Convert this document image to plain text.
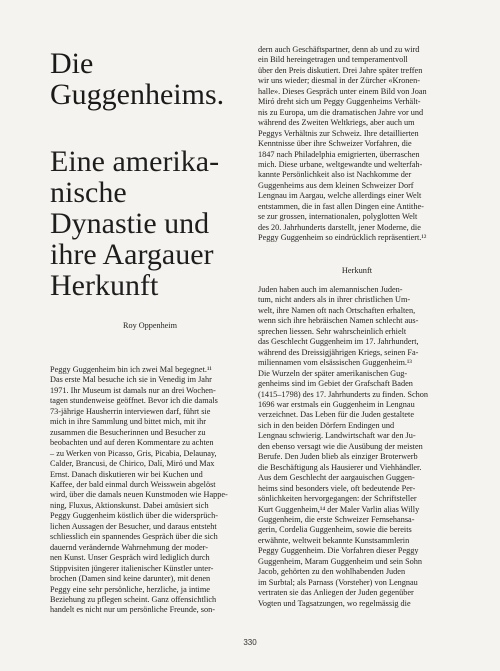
Die
Guggenheims.
Eine amerika-
nische
Dynastie und
ihre Aargauer
Herkunft
Roy Oppenheim
Peggy Guggenheim bin ich zwei Mal begegnet.¹¹
Das erste Mal besuche ich sie in Venedig im Jahr
1971. Ihr Museum ist damals nur an drei Wochen-
tagen stundenweise geöffnet. Bevor ich die damals
73-jährige Hausherrin interviewen darf, führt sie
mich in ihre Sammlung und bittet mich, mit ihr
zusammen die Besucherinnen und Besucher zu
beobachten und auf deren Kommentare zu achten
– zu Werken von Picasso, Gris, Picabia, Delaunay,
Calder, Brancusi, de Chirico, Dalí, Miró und Max
Ernst. Danach diskutieren wir bei Kuchen und
Kaffee, der bald einmal durch Weisswein abgelöst
wird, über die damals neuen Kunstmoden wie Happe-
ning, Fluxus, Aktionskunst. Dabei amüsiert sich
Peggy Guggenheim köstlich über die widersprüch-
lichen Aussagen der Besucher, und daraus entsteht
schliesslich ein spannendes Gespräch über die sich
dauernd verändernde Wahrnehmung der moder-
nen Kunst. Unser Gespräch wird lediglich durch
Stippvisiten jüngerer italienischer Künstler unter-
brochen (Damen sind keine darunter), mit denen
Peggy eine sehr persönliche, herzliche, ja intime
Beziehung zu pflegen scheint. Ganz offensichtlich
handelt es nicht nur um persönliche Freunde, son-
dern auch Geschäftspartner, denn ab und zu wird
ein Bild hereingetragen und temperamentvoll
über den Preis diskutiert. Drei Jahre später treffen
wir uns wieder; diesmal in der Zürcher «Kronen-
halle». Dieses Gespräch unter einem Bild von Joan
Miró dreht sich um Peggy Guggenheims Verhält-
nis zu Europa, um die dramatischen Jahre vor und
während des Zweiten Weltkriegs, aber auch um
Peggys Verhältnis zur Schweiz. Ihre detaillierten
Kenntnisse über ihre Schweizer Vorfahren, die
1847 nach Philadelphia emigrierten, überraschen
mich. Diese urbane, weltgewandte und welterfah-
kannte Persönlichkeit also ist Nachkomme der
Guggenheims aus dem kleinen Schweizer Dorf
Lengnau im Aargau, welche allerdings einer Welt
entstammen, die in fast allen Dingen eine Antithe-
se zur grossen, internationalen, polyglotten Welt
des 20. Jahrhunderts darstellt, jener Moderne, die
Peggy Guggenheim so eindrücklich repräsentiert.¹²
Herkunft
Juden haben auch im alemannischen Juden-
tum, nicht anders als in ihrer christlichen Um-
welt, ihre Namen oft nach Ortschaften erhalten,
wenn sich ihre hebräischen Namen schlecht aus-
sprechen liessen. Sehr wahrscheinlich erhielt
das Geschlecht Guggenheim im 17. Jahrhundert,
während des Dreissigjährigen Kriegs, seinen Fa-
miliennamen vom elsässischen Guggenheim.¹³
Die Wurzeln der später amerikanischen Gug-
genheims sind im Gebiet der Grafschaft Baden
(1415–1798) des 17. Jahrhunderts zu finden. Schon
1696 war erstmals ein Guggenheim in Lengnau
verzeichnet. Das Leben für die Juden gestaltete
sich in den beiden Dörfern Endingen und
Lengnau schwierig. Landwirtschaft war den Ju-
den ebenso versagt wie die Ausübung der meisten
Berufe. Den Juden blieb als einziger Broterwerb
die Beschäftigung als Hausierer und Viehhändler.
Aus dem Geschlecht der aargauischen Guggen-
heims sind besonders viele, oft bedeutende Per-
sönlichkeiten hervorgegangen: der Schriftsteller
Kurt Guggenheim,¹⁴ der Maler Varlin alias Willy
Guggenheim, die erste Schweizer Fernsehansa-
gerin, Cordelia Guggenheim, sowie die bereits
erwähnte, weltweit bekannte Kunstsammlerin
Peggy Guggenheim. Die Vorfahren dieser Peggy
Guggenheim, Maram Guggenheim und sein Sohn
Jacob, gehörten zu den wohlhabenden Juden
im Surbtal; als Parnass (Vorsteher) von Lengnau
vertraten sie das Anliegen der Juden gegenüber
Vogten und Tagsatzungen, wo regelmässig die
330
